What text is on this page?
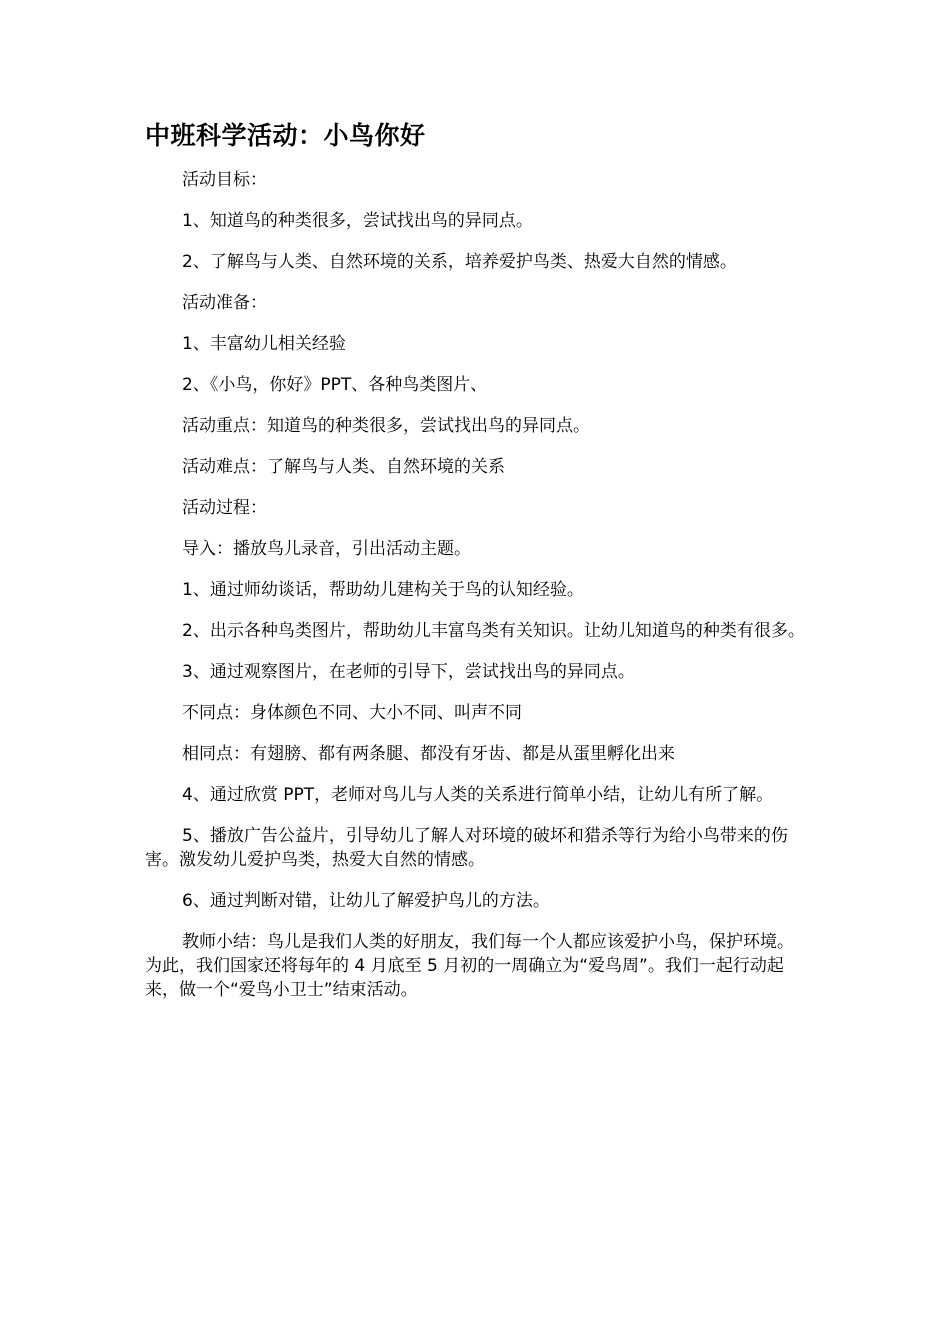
中班科学活动：小鸟你好

活动目标：

1、知道鸟的种类很多，尝试找出鸟的异同点。

2、了解鸟与人类、自然环境的关系，培养爱护鸟类、热爱大自然的情感。

活动准备：

1、丰富幼儿相关经验

2、《小鸟，你好》PPT、各种鸟类图片、

活动重点：知道鸟的种类很多，尝试找出鸟的异同点。

活动难点：了解鸟与人类、自然环境的关系

活动过程：

导入：播放鸟儿录音，引出活动主题。

1、通过师幼谈话，帮助幼儿建构关于鸟的认知经验。

2、出示各种鸟类图片，帮助幼儿丰富鸟类有关知识。让幼儿知道鸟的种类有很多。

3、通过观察图片，在老师的引导下，尝试找出鸟的异同点。

不同点：身体颜色不同、大小不同、叫声不同

相同点：有翅膀、都有两条腿、都没有牙齿、都是从蛋里孵化出来

4、通过欣赏 PPT，老师对鸟儿与人类的关系进行简单小结，让幼儿有所了解。

5、播放广告公益片，引导幼儿了解人对环境的破坏和猎杀等行为给小鸟带来的伤害。激发幼儿爱护鸟类，热爱大自然的情感。

6、通过判断对错，让幼儿了解爱护鸟儿的方法。

教师小结：鸟儿是我们人类的好朋友，我们每一个人都应该爱护小鸟，保护环境。为此，我们国家还将每年的 4 月底至 5 月初的一周确立为“爱鸟周”。我们一起行动起来，做一个“爱鸟小卫士”结束活动。
